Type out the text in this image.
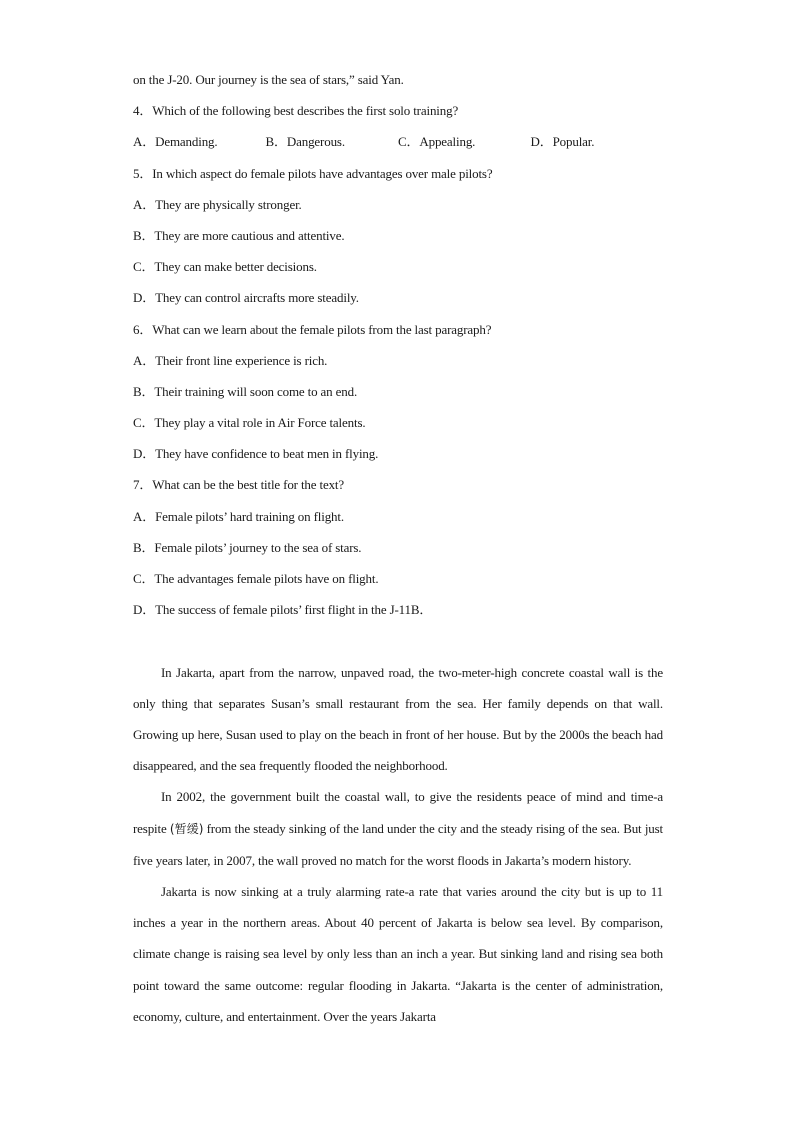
on the J-20. Our journey is the sea of stars,” said Yan.
4．Which of the following best describes the first solo training?
A．Demanding.	B．Dangerous.	C．Appealing.	D．Popular.
5．In which aspect do female pilots have advantages over male pilots?
A．They are physically stronger.
B．They are more cautious and attentive.
C．They can make better decisions.
D．They can control aircrafts more steadily.
6．What can we learn about the female pilots from the last paragraph?
A．Their front line experience is rich.
B．Their training will soon come to an end.
C．They play a vital role in Air Force talents.
D．They have confidence to beat men in flying.
7．What can be the best title for the text?
A．Female pilots’ hard training on flight.
B．Female pilots’ journey to the sea of stars.
C．The advantages female pilots have on flight.
D．The success of female pilots’ first flight in the J-11B．

In Jakarta, apart from the narrow, unpaved road, the two-meter-high concrete coastal wall is the only thing that separates Susan’s small restaurant from the sea. Her family depends on that wall. Growing up here, Susan used to play on the beach in front of her house. But by the 2000s the beach had disappeared, and the sea frequently flooded the neighborhood.

In 2002, the government built the coastal wall, to give the residents peace of mind and time-a respite (暂缓) from the steady sinking of the land under the city and the steady rising of the sea. But just five years later, in 2007, the wall proved no match for the worst floods in Jakarta’s modern history.

Jakarta is now sinking at a truly alarming rate-a rate that varies around the city but is up to 11 inches a year in the northern areas. About 40 percent of Jakarta is below sea level. By comparison, climate change is raising sea level by only less than an inch a year. But sinking land and rising sea both point toward the same outcome: regular flooding in Jakarta. “Jakarta is the center of administration, economy, culture, and entertainment. Over the years Jakarta
